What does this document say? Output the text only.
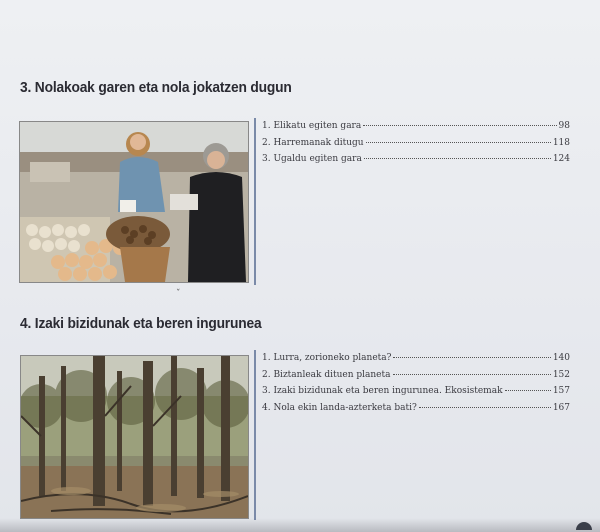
3. Nolakoak garen eta nola jokatzen dugun
1. Elikatu egiten gara	98
2. Harremanak ditugu	118
3. Ugaldu egiten gara	124
ˇ
4. Izaki bizidunak eta beren ingurunea
1. Lurra, zorioneko planeta?	140
2. Biztanleak dituen planeta	152
3. Izaki bizidunak eta beren ingurunea. Ekosistemak	157
4. Nola ekin landa-azterketa bati?	167
